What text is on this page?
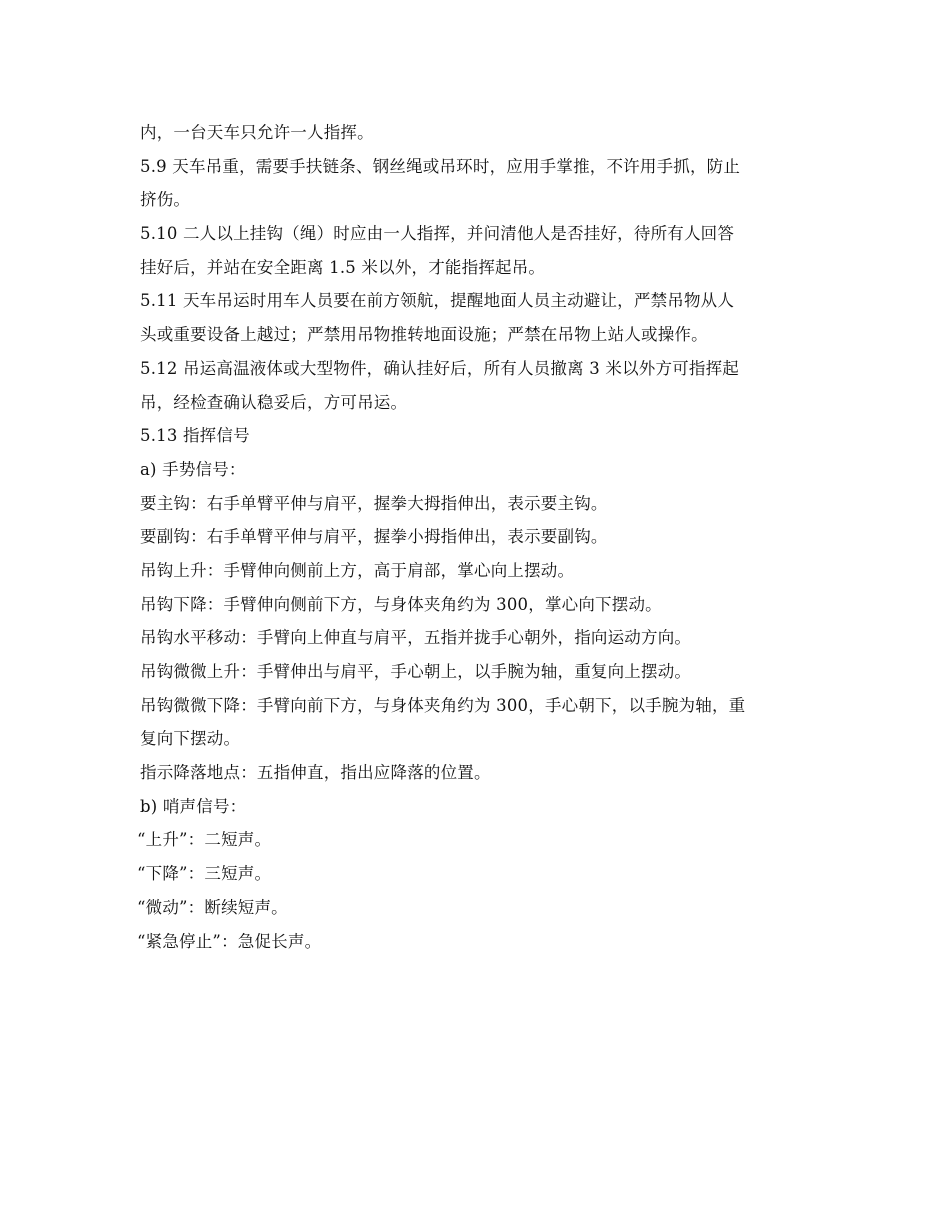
内，一台天车只允许一人指挥。
5.9 天车吊重，需要手扶链条、钢丝绳或吊环时，应用手掌推，不许用手抓，防止
挤伤。
5.10 二人以上挂钩（绳）时应由一人指挥，并问清他人是否挂好，待所有人回答
挂好后，并站在安全距离 1.5 米以外，才能指挥起吊。
5.11 天车吊运时用车人员要在前方领航，提醒地面人员主动避让，严禁吊物从人
头或重要设备上越过；严禁用吊物推转地面设施；严禁在吊物上站人或操作。
5.12 吊运高温液体或大型物件，确认挂好后，所有人员撤离 3 米以外方可指挥起
吊，经检查确认稳妥后，方可吊运。
5.13 指挥信号
a) 手势信号：
要主钩：右手单臂平伸与肩平，握拳大拇指伸出，表示要主钩。
要副钩：右手单臂平伸与肩平，握拳小拇指伸出，表示要副钩。
吊钩上升：手臂伸向侧前上方，高于肩部，掌心向上摆动。
吊钩下降：手臂伸向侧前下方，与身体夹角约为 300，掌心向下摆动。
吊钩水平移动：手臂向上伸直与肩平，五指并拢手心朝外，指向运动方向。
吊钩微微上升：手臂伸出与肩平，手心朝上，以手腕为轴，重复向上摆动。
吊钩微微下降：手臂向前下方，与身体夹角约为 300，手心朝下，以手腕为轴，重
复向下摆动。
指示降落地点：五指伸直，指出应降落的位置。
b) 哨声信号：
“上升”：二短声。
“下降”：三短声。
“微动”：断续短声。
“紧急停止”：急促长声。
